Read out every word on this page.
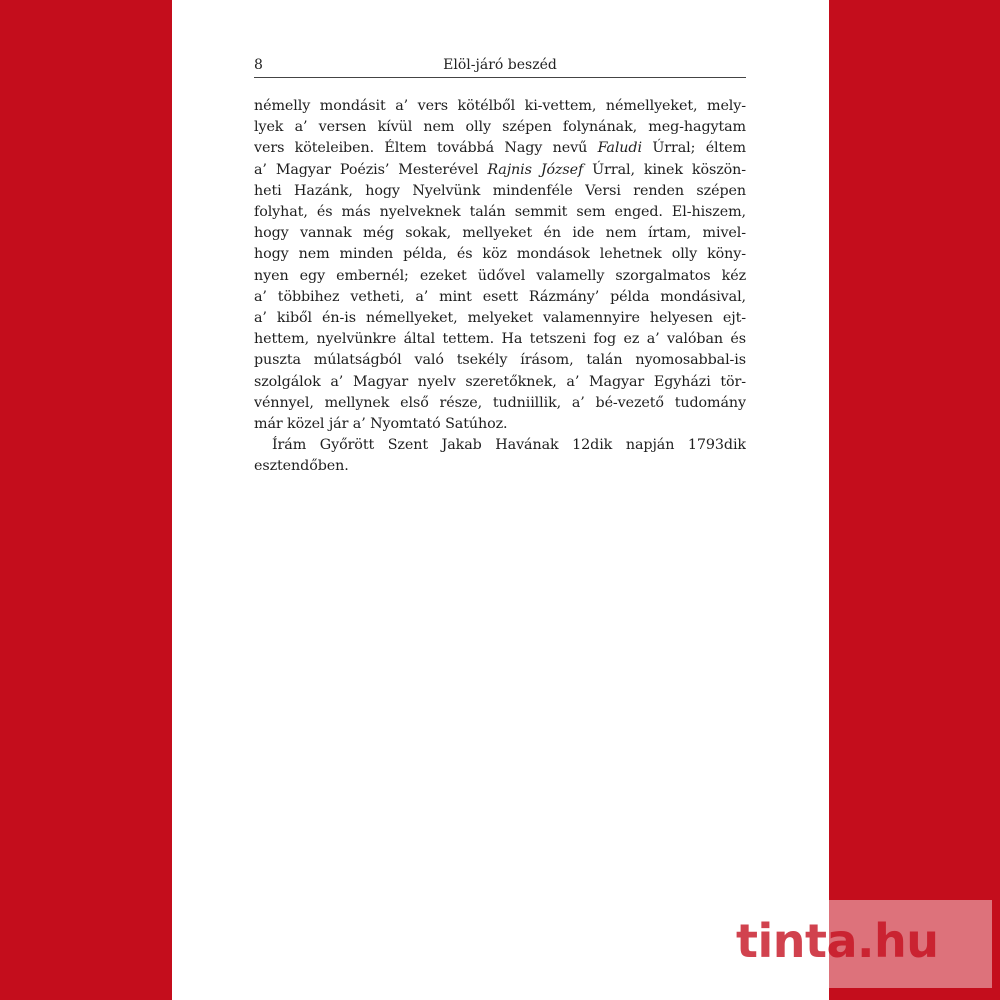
8	Elöl-járó beszéd
némelly mondásit a’ vers kötélből ki-vettem, némellyeket, mely-
lyek a’ versen kívül nem olly szépen folynának, meg-hagytam
vers köteleiben. Éltem továbbá Nagy nevű Faludi Úrral; éltem
a’ Magyar Poézis’ Mesterével Rajnis József Úrral, kinek köszön-
heti Hazánk, hogy Nyelvünk mindenféle Versi renden szépen
folyhat, és más nyelveknek talán semmit sem enged. El-hiszem,
hogy vannak még sokak, mellyeket én ide nem írtam, mivel-
hogy nem minden példa, és köz mondások lehetnek olly köny-
nyen egy embernél; ezeket üdővel valamelly szorgalmatos kéz
a’ többihez vetheti, a’ mint esett Rázmány’ példa mondásival,
a’ kiből én-is némellyeket, melyeket valamennyire helyesen ejt-
hettem, nyelvünkre által tettem. Ha tetszeni fog ez a’ valóban és
puszta múlatságból való tsekély írásom, talán nyomosabbal-is
szolgálok a’ Magyar nyelv szeretőknek, a’ Magyar Egyházi tör-
vénnyel, mellynek első része, tudniillik, a’ bé-vezető tudomány
már közel jár a’ Nyomtató Satúhoz.
Írám Győrött Szent Jakab Havának 12dik napján 1793dik
esztendőben.
tinta.hu
